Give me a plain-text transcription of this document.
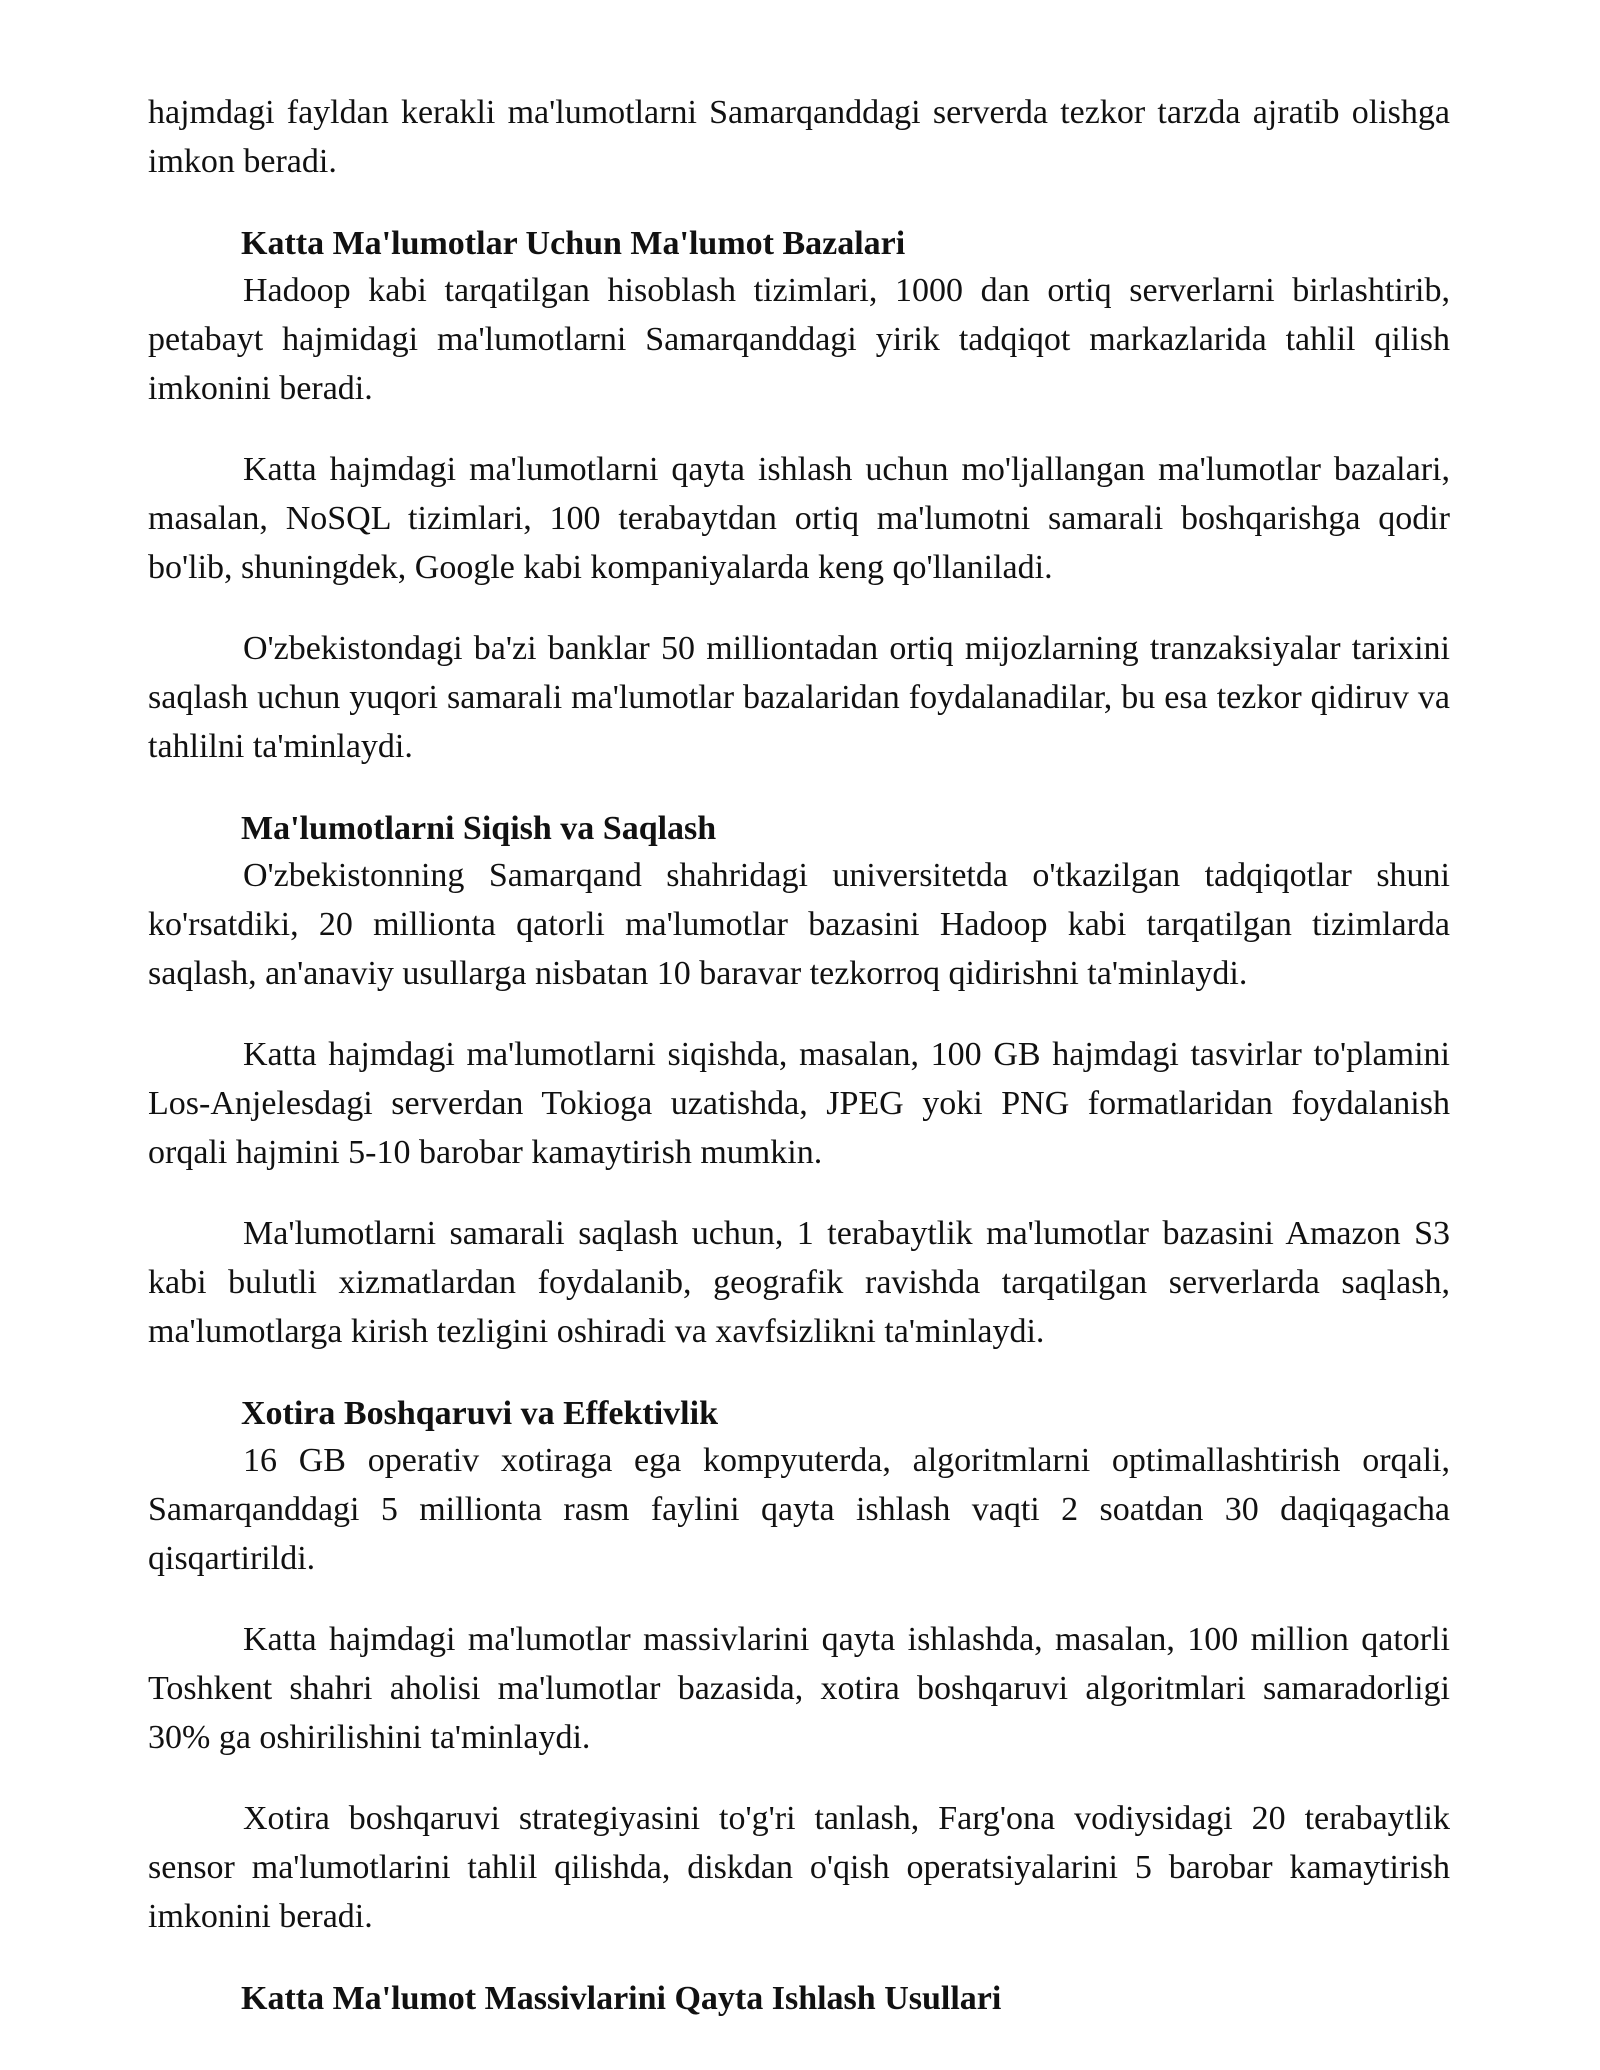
hajmdagi fayldan kerakli ma'lumotlarni Samarqanddagi serverda tezkor tarzda ajratib olishga imkon beradi.

Katta Ma'lumotlar Uchun Ma'lumot Bazalari

Hadoop kabi tarqatilgan hisoblash tizimlari, 1000 dan ortiq serverlarni birlashtirib, petabayt hajmidagi ma'lumotlarni Samarqanddagi yirik tadqiqot markazlarida tahlil qilish imkonini beradi.

Katta hajmdagi ma'lumotlarni qayta ishlash uchun mo'ljallangan ma'lumotlar bazalari, masalan, NoSQL tizimlari, 100 terabaytdan ortiq ma'lumotni samarali boshqarishga qodir bo'lib, shuningdek, Google kabi kompaniyalarda keng qo'llaniladi.

O'zbekistondagi ba'zi banklar 50 milliontadan ortiq mijozlarning tranzaksiyalar tarixini saqlash uchun yuqori samarali ma'lumotlar bazalaridan foydalanadilar, bu esa tezkor qidiruv va tahlilni ta'minlaydi.

Ma'lumotlarni Siqish va Saqlash

O'zbekistonning Samarqand shahridagi universitetda o'tkazilgan tadqiqotlar shuni ko'rsatdiki, 20 millionta qatorli ma'lumotlar bazasini Hadoop kabi tarqatilgan tizimlarda saqlash, an'anaviy usullarga nisbatan 10 baravar tezkorroq qidirishni ta'minlaydi.

Katta hajmdagi ma'lumotlarni siqishda, masalan, 100 GB hajmdagi tasvirlar to'plamini Los-Anjelesdagi serverdan Tokioga uzatishda, JPEG yoki PNG formatlaridan foydalanish orqali hajmini 5-10 barobar kamaytirish mumkin.

Ma'lumotlarni samarali saqlash uchun, 1 terabaytlik ma'lumotlar bazasini Amazon S3 kabi bulutli xizmatlardan foydalanib, geografik ravishda tarqatilgan serverlarda saqlash, ma'lumotlarga kirish tezligini oshiradi va xavfsizlikni ta'minlaydi.

Xotira Boshqaruvi va Effektivlik

16 GB operativ xotiraga ega kompyuterda, algoritmlarni optimallashtirish orqali, Samarqanddagi 5 millionta rasm faylini qayta ishlash vaqti 2 soatdan 30 daqiqagacha qisqartirildi.

Katta hajmdagi ma'lumotlar massivlarini qayta ishlashda, masalan, 100 million qatorli Toshkent shahri aholisi ma'lumotlar bazasida, xotira boshqaruvi algoritmlari samaradorligi 30% ga oshirilishini ta'minlaydi.

Xotira boshqaruvi strategiyasini to'g'ri tanlash, Farg'ona vodiysidagi 20 terabaytlik sensor ma'lumotlarini tahlil qilishda, diskdan o'qish operatsiyalarini 5 barobar kamaytirish imkonini beradi.

Katta Ma'lumot Massivlarini Qayta Ishlash Usullari
